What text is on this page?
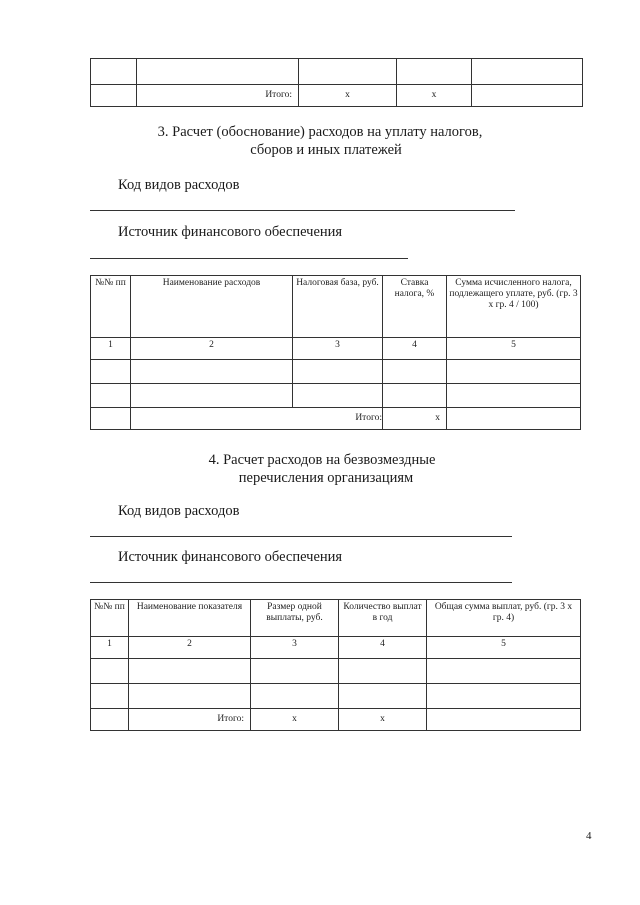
	Итого:	x	x	
3. Расчет (обоснование) расходов на уплату налогов,
сборов и иных платежей
Код видов расходов
Источник финансового обеспечения
№№ пп	Наименование расходов	Налоговая база, руб.	Ставка налога, %	Сумма исчисленного налога, подлежащего уплате, руб. (гр. 3 х гр. 4 / 100)
1	2	3	4	5

	Итого:		x	
4. Расчет расходов на безвозмездные
перечисления организациям
Код видов расходов
Источник финансового обеспечения
№№ пп	Наименование показателя	Размер одной выплаты, руб.	Количество выплат в год	Общая сумма выплат, руб. (гр. 3 х гр. 4)
1	2	3	4	5

	Итого:	x	x	
4
